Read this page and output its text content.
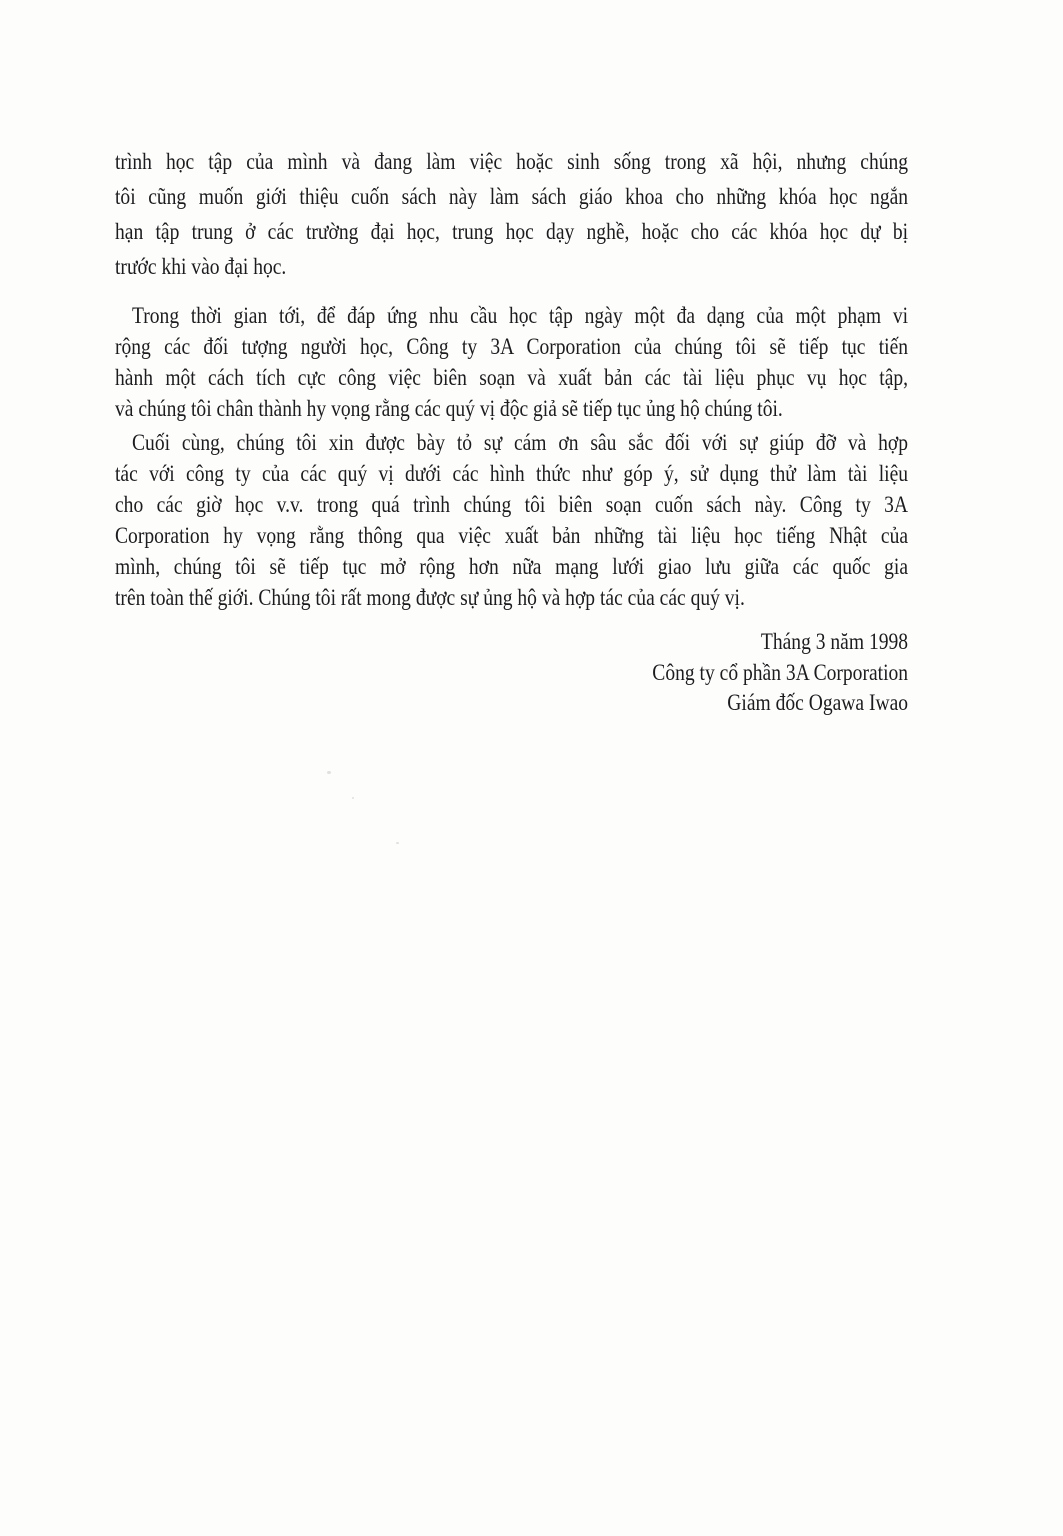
trình học tập của mình và đang làm việc hoặc sinh sống trong xã hội, nhưng chúng
tôi cũng muốn giới thiệu cuốn sách này làm sách giáo khoa cho những khóa học ngắn
hạn tập trung ở các trường đại học, trung học dạy nghề, hoặc cho các khóa học dự bị
trước khi vào đại học.

Trong thời gian tới, để đáp ứng nhu cầu học tập ngày một đa dạng của một phạm vi
rộng các đối tượng người học, Công ty 3A Corporation của chúng tôi sẽ tiếp tục tiến
hành một cách tích cực công việc biên soạn và xuất bản các tài liệu phục vụ học tập,
và chúng tôi chân thành hy vọng rằng các quý vị độc giả sẽ tiếp tục ủng hộ chúng tôi.

Cuối cùng, chúng tôi xin được bày tỏ sự cám ơn sâu sắc đối với sự giúp đỡ và hợp
tác với công ty của các quý vị dưới các hình thức như góp ý, sử dụng thử làm tài liệu
cho các giờ học v.v. trong quá trình chúng tôi biên soạn cuốn sách này. Công ty 3A
Corporation hy vọng rằng thông qua việc xuất bản những tài liệu học tiếng Nhật của
mình, chúng tôi sẽ tiếp tục mở rộng hơn nữa mạng lưới giao lưu giữa các quốc gia
trên toàn thế giới. Chúng tôi rất mong được sự ủng hộ và hợp tác của các quý vị.

Tháng 3 năm 1998
Công ty cổ phần 3A Corporation
Giám đốc Ogawa Iwao
